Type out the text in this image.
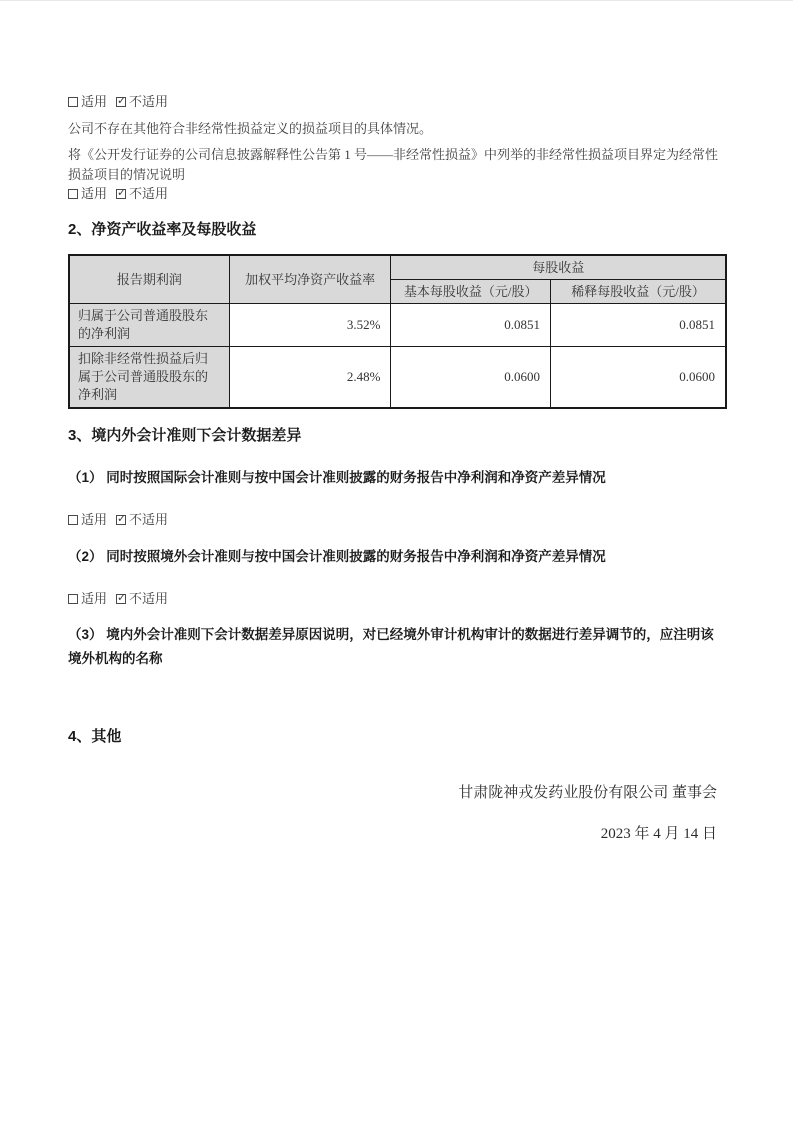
适用 ✓ 不适用
公司不存在其他符合非经常性损益定义的损益项目的具体情况。
将《公开发行证券的公司信息披露解释性公告第 1 号——非经常性损益》中列举的非经常性损益项目界定为经常性损益项目的情况说明
适用 ✓ 不适用
2、净资产收益率及每股收益
报告期利润	加权平均净资产收益率	每股收益	
		基本每股收益（元/股）	稀释每股收益（元/股）
归属于公司普通股股东的净利润	3.52%	0.0851	0.0851
扣除非经常性损益后归属于公司普通股股东的净利润	2.48%	0.0600	0.0600
3、境内外会计准则下会计数据差异
（1） 同时按照国际会计准则与按中国会计准则披露的财务报告中净利润和净资产差异情况
适用 ✓ 不适用
（2） 同时按照境外会计准则与按中国会计准则披露的财务报告中净利润和净资产差异情况
适用 ✓ 不适用
（3） 境内外会计准则下会计数据差异原因说明，对已经境外审计机构审计的数据进行差异调节的，应注明该境外机构的名称
4、其他
甘肃陇神戎发药业股份有限公司 董事会
2023 年 4 月 14 日
